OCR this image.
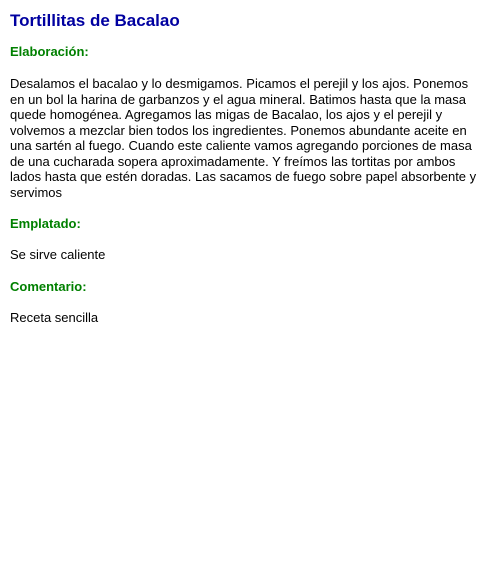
Tortillitas de Bacalao
Elaboración:

Desalamos el bacalao y lo desmigamos. Picamos el perejil y los ajos. Ponemos en un bol la harina de garbanzos y el agua mineral. Batimos hasta que la masa quede homogénea. Agregamos las migas de Bacalao, los ajos y el perejil y volvemos a mezclar bien todos los ingredientes. Ponemos abundante aceite en una sartén al fuego. Cuando este caliente vamos agregando porciones de masa de una cucharada sopera aproximadamente. Y freímos las tortitas por ambos lados hasta que estén doradas. Las sacamos de fuego sobre papel absorbente y servimos

Emplatado:

Se sirve caliente

Comentario:

Receta sencilla
